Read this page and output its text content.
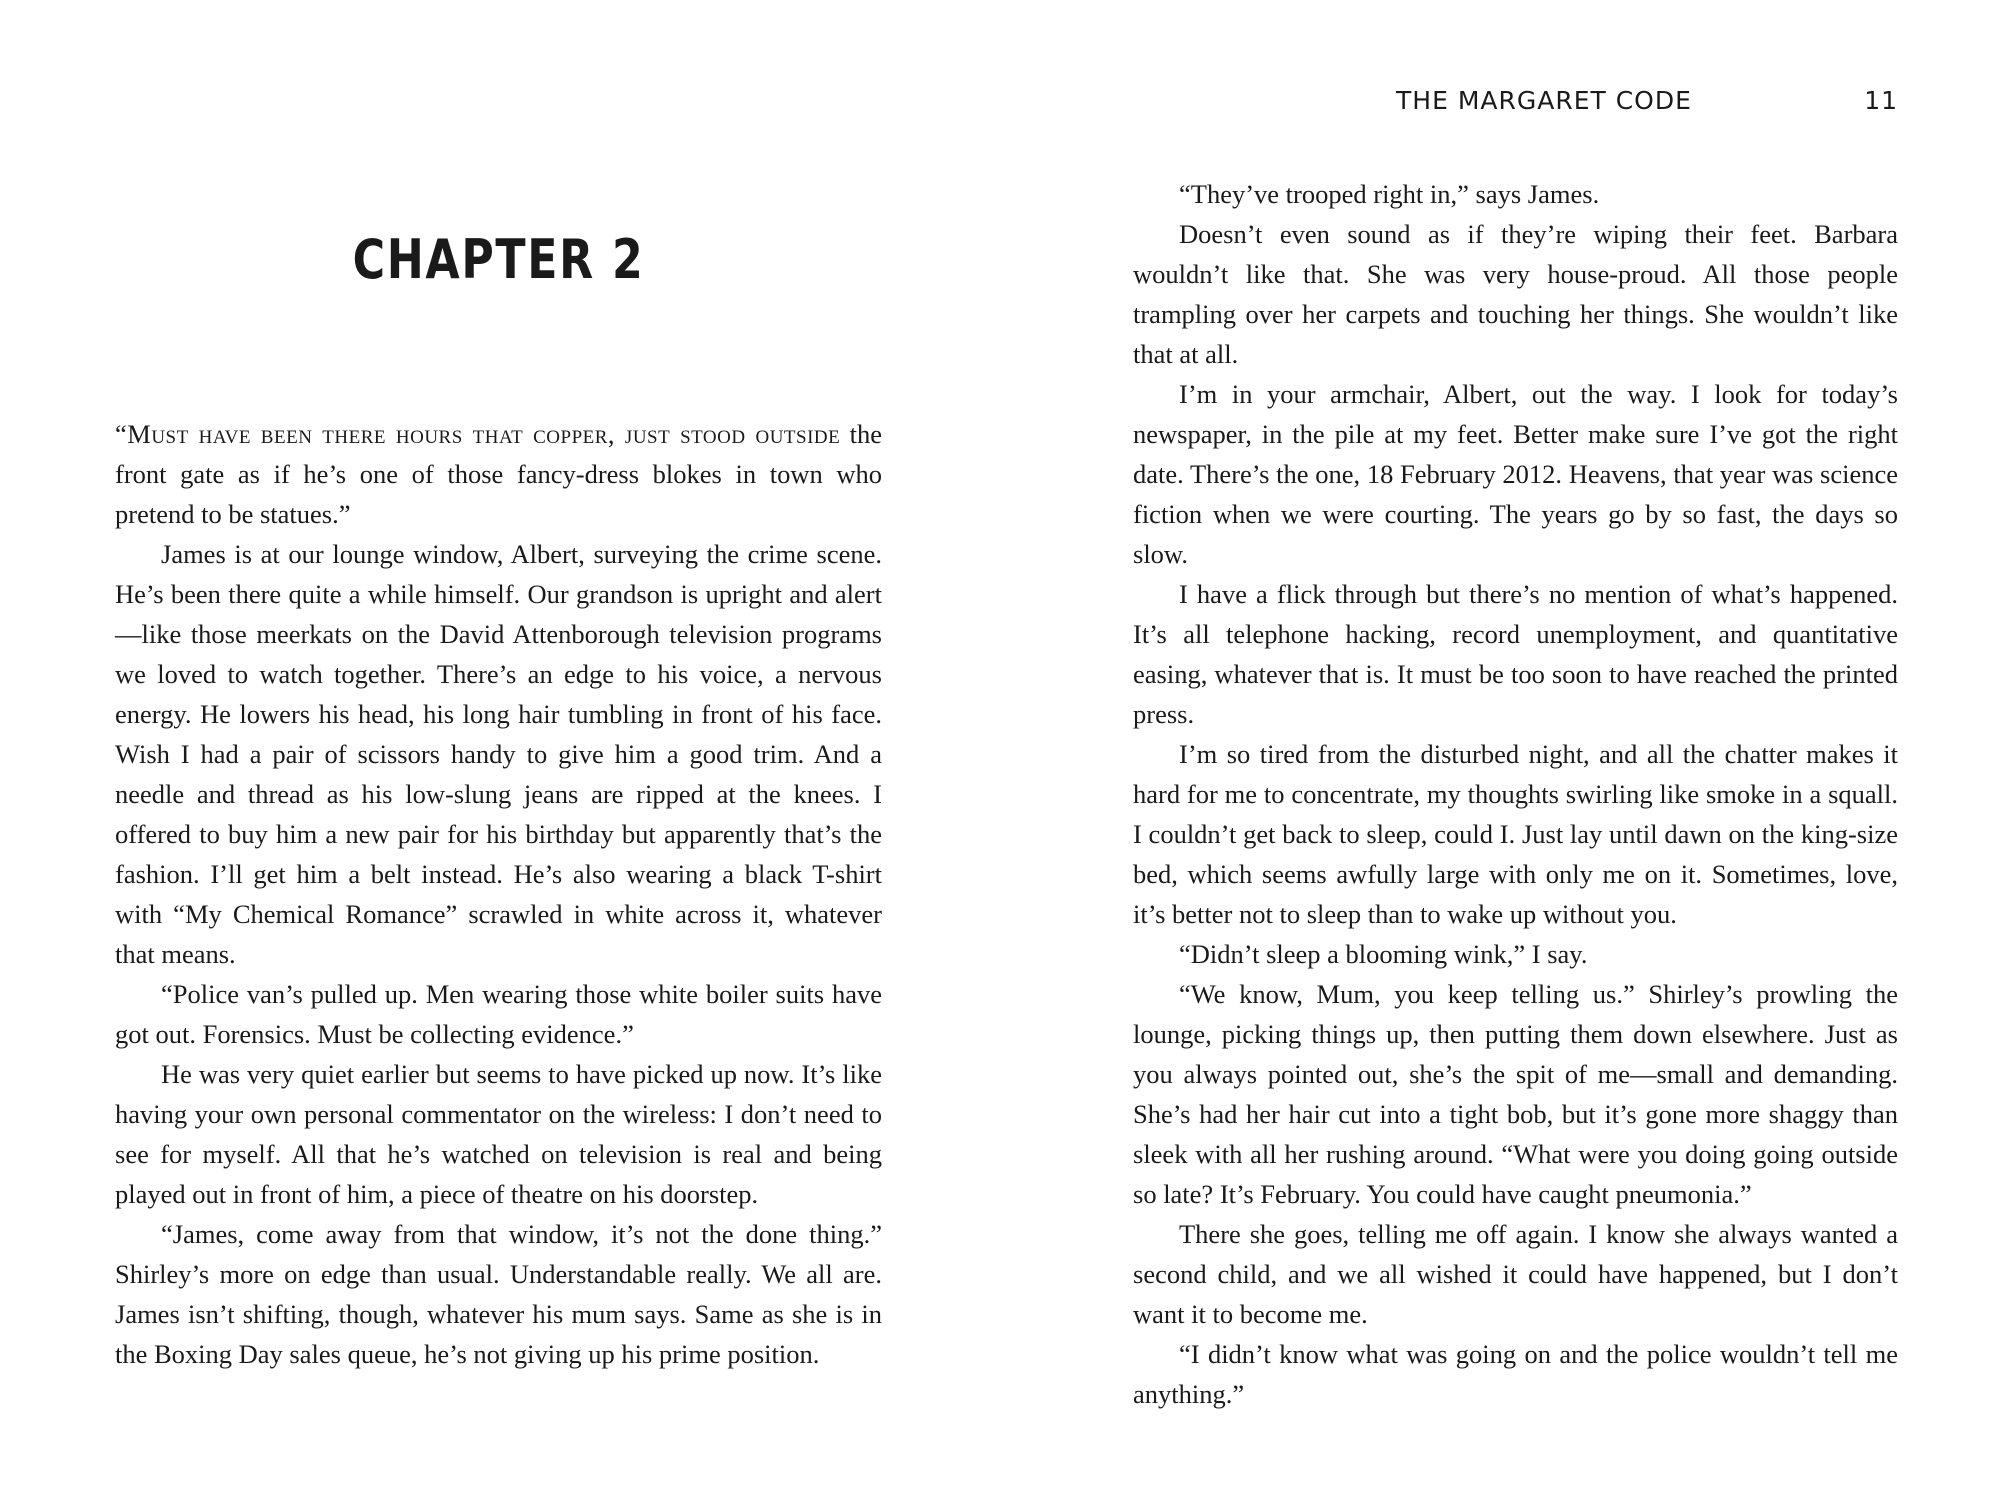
CHAPTER 2

“Must have been there hours that copper, just stood outside the front gate as if he’s one of those fancy-dress blokes in town who pretend to be statues.”

James is at our lounge window, Albert, surveying the crime scene. He’s been there quite a while himself. Our grandson is upright and alert—like those meerkats on the David Attenborough television programs we loved to watch together. There’s an edge to his voice, a nervous energy. He lowers his head, his long hair tumbling in front of his face. Wish I had a pair of scissors handy to give him a good trim. And a needle and thread as his low-slung jeans are ripped at the knees. I offered to buy him a new pair for his birthday but apparently that’s the fashion. I’ll get him a belt instead. He’s also wearing a black T-shirt with “My Chemical Romance” scrawled in white across it, whatever that means.

“Police van’s pulled up. Men wearing those white boiler suits have got out. Forensics. Must be collecting evidence.”

He was very quiet earlier but seems to have picked up now. It’s like having your own personal commentator on the wireless: I don’t need to see for myself. All that he’s watched on television is real and being played out in front of him, a piece of theatre on his doorstep.

“James, come away from that window, it’s not the done thing.” Shirley’s more on edge than usual. Understandable really. We all are. James isn’t shifting, though, whatever his mum says. Same as she is in the Boxing Day sales queue, he’s not giving up his prime position.

THE MARGARET CODE	11

“They’ve trooped right in,” says James.

Doesn’t even sound as if they’re wiping their feet. Barbara wouldn’t like that. She was very house-proud. All those people trampling over her carpets and touching her things. She wouldn’t like that at all.

I’m in your armchair, Albert, out the way. I look for today’s newspaper, in the pile at my feet. Better make sure I’ve got the right date. There’s the one, 18 February 2012. Heavens, that year was science fiction when we were courting. The years go by so fast, the days so slow.

I have a flick through but there’s no mention of what’s happened. It’s all telephone hacking, record unemployment, and quantitative easing, whatever that is. It must be too soon to have reached the printed press.

I’m so tired from the disturbed night, and all the chatter makes it hard for me to concentrate, my thoughts swirling like smoke in a squall. I couldn’t get back to sleep, could I. Just lay until dawn on the king-size bed, which seems awfully large with only me on it. Sometimes, love, it’s better not to sleep than to wake up without you.

“Didn’t sleep a blooming wink,” I say.

“We know, Mum, you keep telling us.” Shirley’s prowling the lounge, picking things up, then putting them down elsewhere. Just as you always pointed out, she’s the spit of me—small and demanding. She’s had her hair cut into a tight bob, but it’s gone more shaggy than sleek with all her rushing around. “What were you doing going outside so late? It’s February. You could have caught pneumonia.”

There she goes, telling me off again. I know she always wanted a second child, and we all wished it could have happened, but I don’t want it to become me.

“I didn’t know what was going on and the police wouldn’t tell me anything.”
